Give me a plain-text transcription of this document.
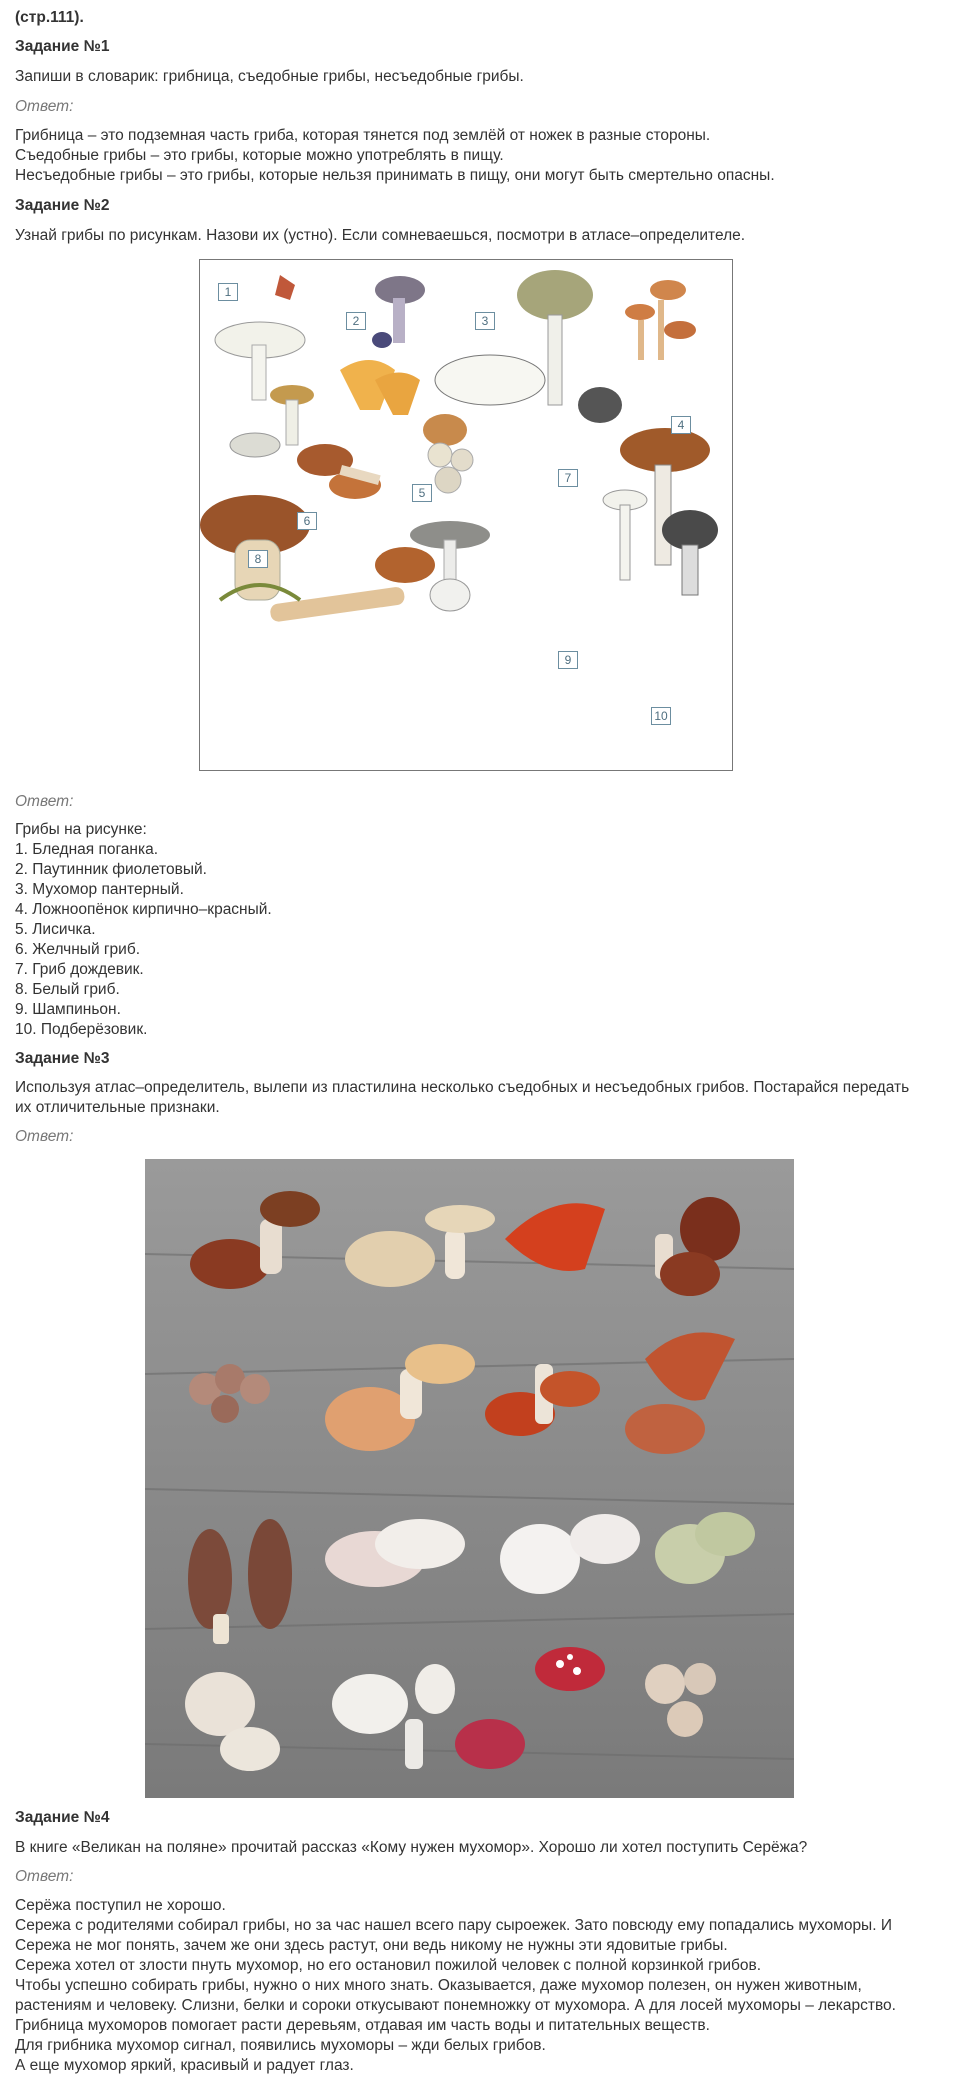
(стр.111).

Задание №1

Запиши в словарик: грибница, съедобные грибы, несъедобные грибы.

Ответ:

Грибница – это подземная часть гриба, которая тянется под землёй от ножек в разные стороны.
Съедобные грибы – это грибы, которые можно употреблять в пищу.
Несъедобные грибы – это грибы, которые нельзя принимать в пищу, они могут быть смертельно опасны.

Задание №2

Узнай грибы по рисункам. Назови их (устно). Если сомневаешься, посмотри в атласе–определителе.

1
2	3
4
5
6
7
8
9
10

Ответ:

Грибы на рисунке:
1. Бледная поганка.
2. Паутинник фиолетовый.
3. Мухомор пантерный.
4. Ложноопёнок кирпично–красный.
5. Лисичка.
6. Желчный гриб.
7. Гриб дождевик.
8. Белый гриб.
9. Шампиньон.
10. Подберёзовик.

Задание №3

Используя атлас–определитель, вылепи из пластилина несколько съедобных и несъедобных грибов. Постарайся передать
их отличительные признаки.

Ответ:

Задание №4

В книге «Великан на поляне» прочитай рассказ «Кому нужен мухомор». Хорошо ли хотел поступить Серёжа?

Ответ:

Серёжа поступил не хорошо.
Сережа с родителями собирал грибы, но за час нашел всего пару сыроежек. Зато повсюду ему попадались мухоморы. И
Сережа не мог понять, зачем же они здесь растут, они ведь никому не нужны эти ядовитые грибы.
Сережа хотел от злости пнуть мухомор, но его остановил пожилой человек с полной корзинкой грибов.
Чтобы успешно собирать грибы, нужно о них много знать. Оказывается, даже мухомор полезен, он нужен животным,
растениям и человеку. Слизни, белки и сороки откусывают понемножку от мухомора. А для лосей мухоморы – лекарство.
Грибница мухоморов помогает расти деревьям, отдавая им часть воды и питательных веществ.
Для грибника мухомор сигнал, появились мухоморы – жди белых грибов.
А еще мухомор яркий, красивый и радует глаз.
